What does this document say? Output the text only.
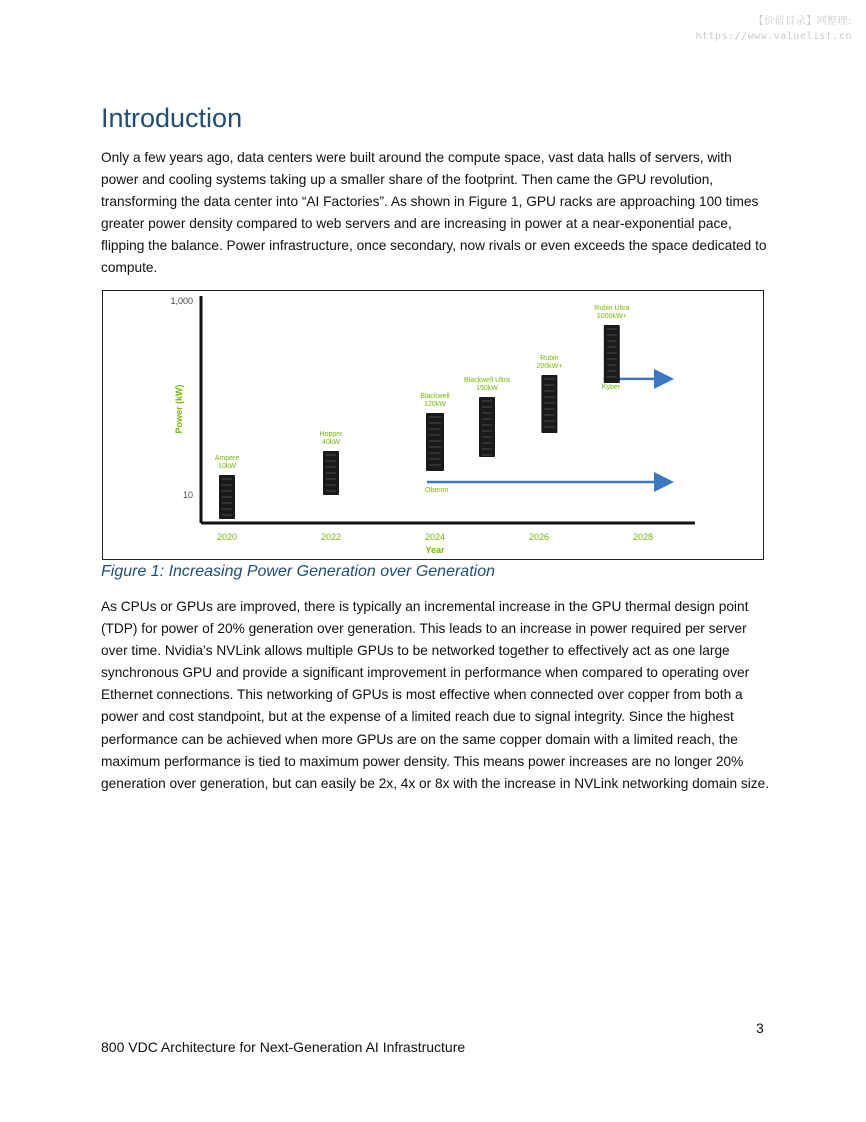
【价值目录】网整理:
https://www.valuelist.cn
Introduction

Only a few years ago, data centers were built around the compute space, vast data halls of servers, with power and cooling systems taking up a smaller share of the footprint. Then came the GPU revolution, transforming the data center into “AI Factories”. As shown in Figure 1, GPU racks are approaching 100 times greater power density compared to web servers and are increasing in power at a near-exponential pace, flipping the balance. Power infrastructure, once secondary, now rivals or even exceeds the space dedicated to compute.

10
1,000
Power (kW)
2020	2022	2024	2026	2028
Year
Oberon
Kyber
Ampere
10kW
Hopper
40kW
Blackwell
120kW
Blackwell Ultra
150kW
Rubin
200kW+
Rubin Ultra
1000kW+

Figure 1: Increasing Power Generation over Generation

As CPUs or GPUs are improved, there is typically an incremental increase in the GPU thermal design point (TDP) for power of 20% generation over generation. This leads to an increase in power required per server over time. Nvidia’s NVLink allows multiple GPUs to be networked together to effectively act as one large synchronous GPU and provide a significant improvement in performance when compared to operating over Ethernet connections. This networking of GPUs is most effective when connected over copper from both a power and cost standpoint, but at the expense of a limited reach due to signal integrity. Since the highest performance can be achieved when more GPUs are on the same copper domain with a limited reach, the maximum performance is tied to maximum power density. This means power increases are no longer 20% generation over generation, but can easily be 2x, 4x or 8x with the increase in NVLink networking domain size.

3
800 VDC Architecture for Next-Generation AI Infrastructure
